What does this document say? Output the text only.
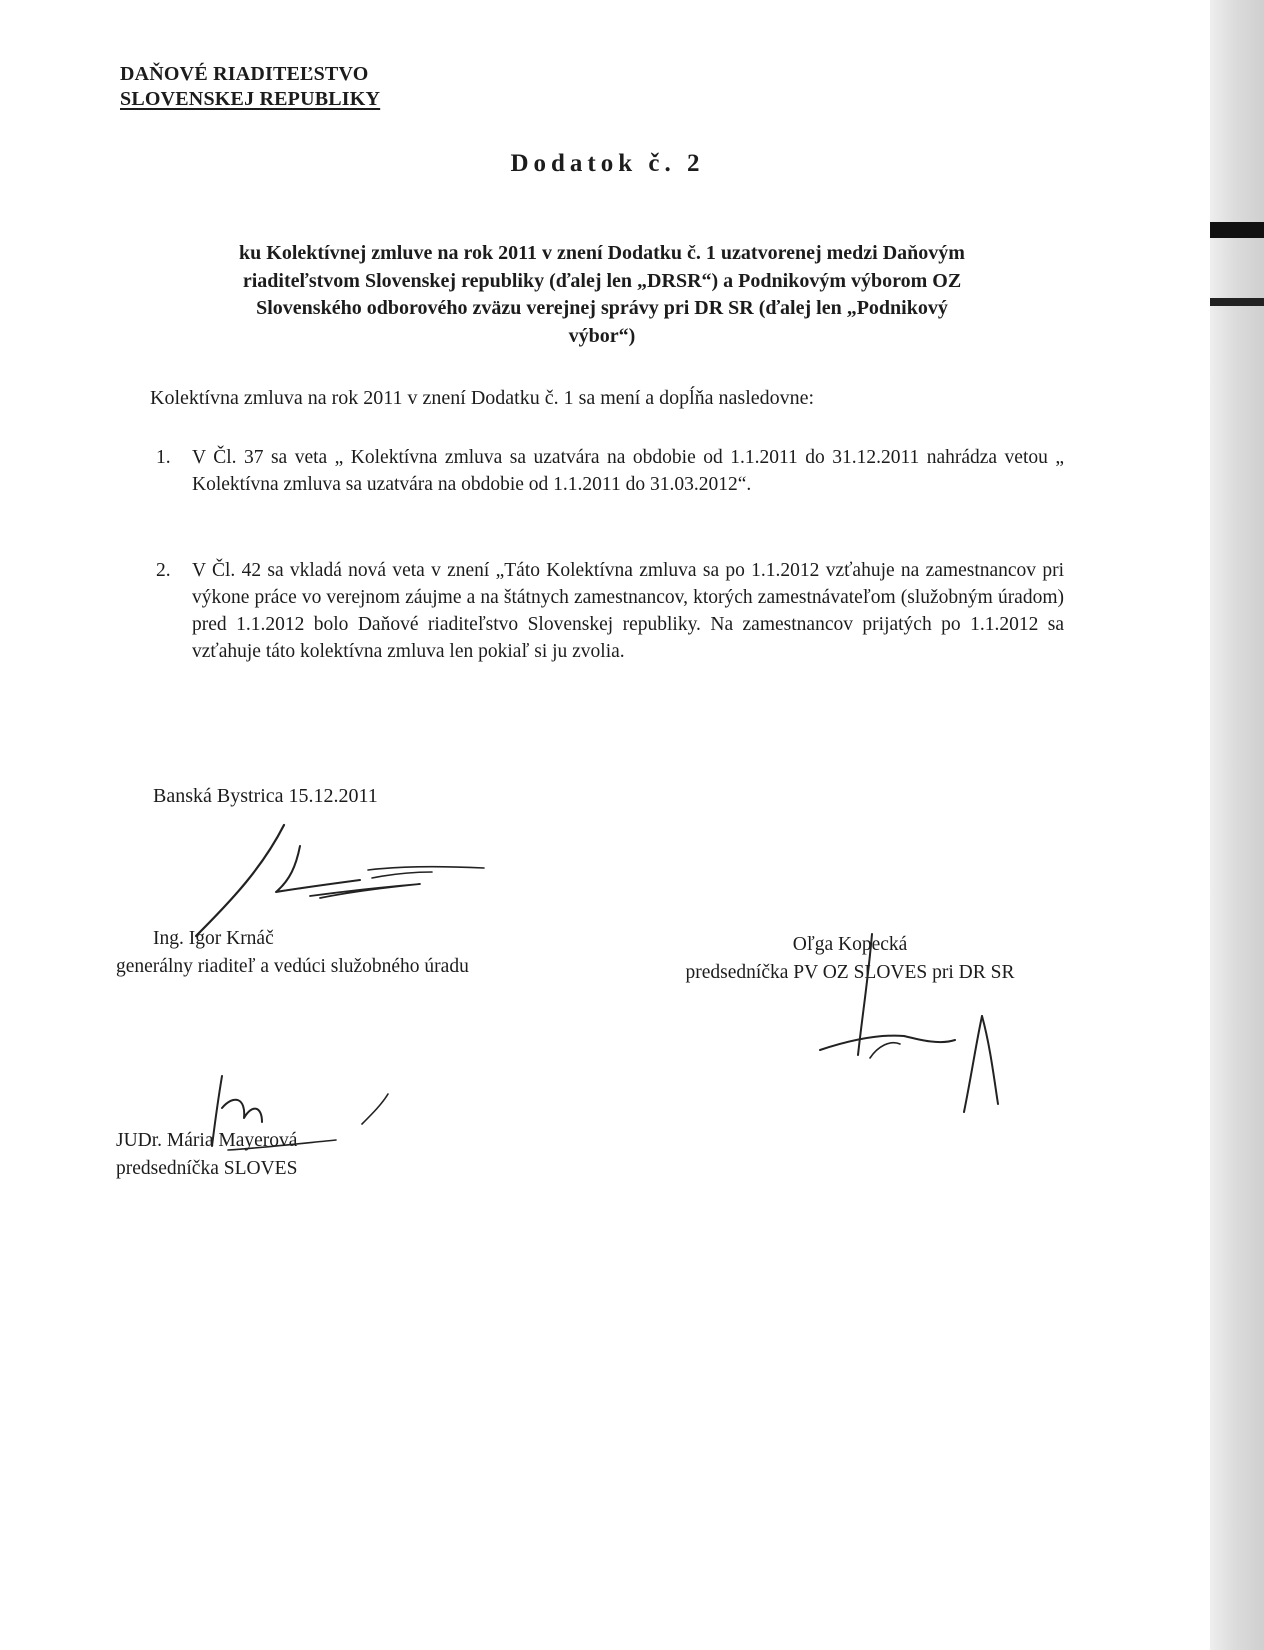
DAŇOVÉ RIADITEĽSTVO
SLOVENSKEJ REPUBLIKY
Dodatok č. 2
ku Kolektívnej zmluve na rok 2011 v znení Dodatku č. 1 uzatvorenej medzi Daňovým
riaditeľstvom Slovenskej republiky (ďalej len „DRSR“) a Podnikovým výborom OZ
Slovenského odborového zväzu verejnej správy pri DR SR (ďalej len „Podnikový
výbor“)
Kolektívna zmluva na rok 2011 v znení Dodatku č. 1 sa mení a dopĺňa nasledovne:
1. V Čl. 37 sa veta „ Kolektívna zmluva sa uzatvára na obdobie od 1.1.2011 do 31.12.2011 nahrádza vetou „ Kolektívna zmluva sa uzatvára na obdobie od 1.1.2011 do 31.03.2012“.
2. V Čl. 42 sa vkladá nová veta v znení „Táto Kolektívna zmluva sa po 1.1.2012 vzťahuje na zamestnancov pri výkone práce vo verejnom záujme a na štátnych zamestnancov, ktorých zamestnávateľom (služobným úradom) pred 1.1.2012 bolo Daňové riaditeľstvo Slovenskej republiky. Na zamestnancov prijatých po 1.1.2012 sa vzťahuje táto kolektívna zmluva len pokiaľ si ju zvolia.
Banská Bystrica 15.12.2011
Ing. Igor Krnáč
generálny riaditeľ a vedúci služobného úradu
Oľga Kopecká
predsedníčka PV OZ SLOVES pri DR SR
JUDr. Mária Mayerová
predsedníčka SLOVES
